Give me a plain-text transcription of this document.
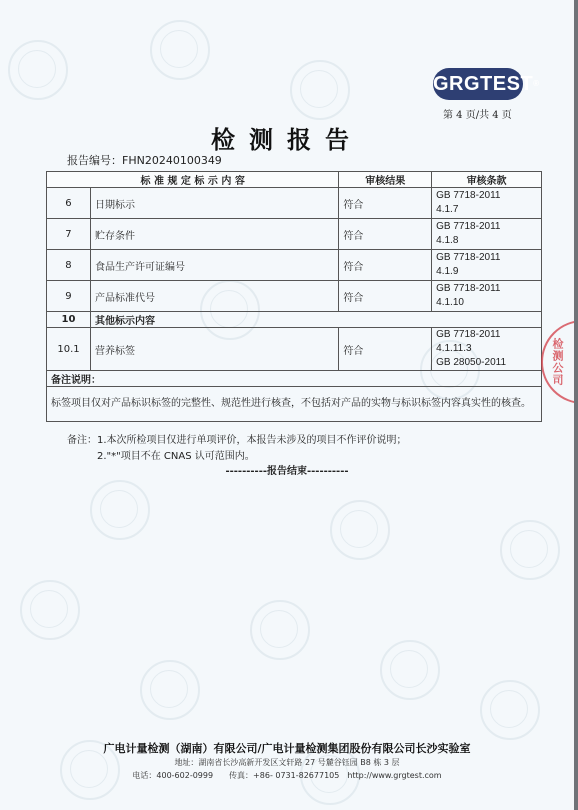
GRGTEST®
第 4 页/共 4 页
检测报告
报告编号：FHN20240100349
标 准 规 定 标 示 内 容		审核结果	审核条款
6	日期标示	符合	GB 7718-2011
4.1.7

7	贮存条件	符合	GB 7718-2011
4.1.8

8	食品生产许可证编号	符合	GB 7718-2011
4.1.9

9	产品标准代号	符合	GB 7718-2011
4.1.10

10	其他标示内容		
10.1	营养标签	符合	GB 7718-2011
4.1.11.3
GB 28050-2011

备注说明：			
标签项目仅对产品标识标签的完整性、规范性进行核查，不包括对产品的实物与标识标签内容真实性的核查。			
备注：1.本次所检项目仅进行单项评价，本报告未涉及的项目不作评价说明；
2."*"项目不在 CNAS 认可范围内。
----------报告结束----------
检测公司
广电计量检测（湖南）有限公司/广电计量检测集团股份有限公司长沙实验室
地址：湖南省长沙高新开发区文轩路 27 号麓谷钰园 B8 栋 3 层
电话：400-602-0999　　传真：+86- 0731-82677105　http://www.grgtest.com
